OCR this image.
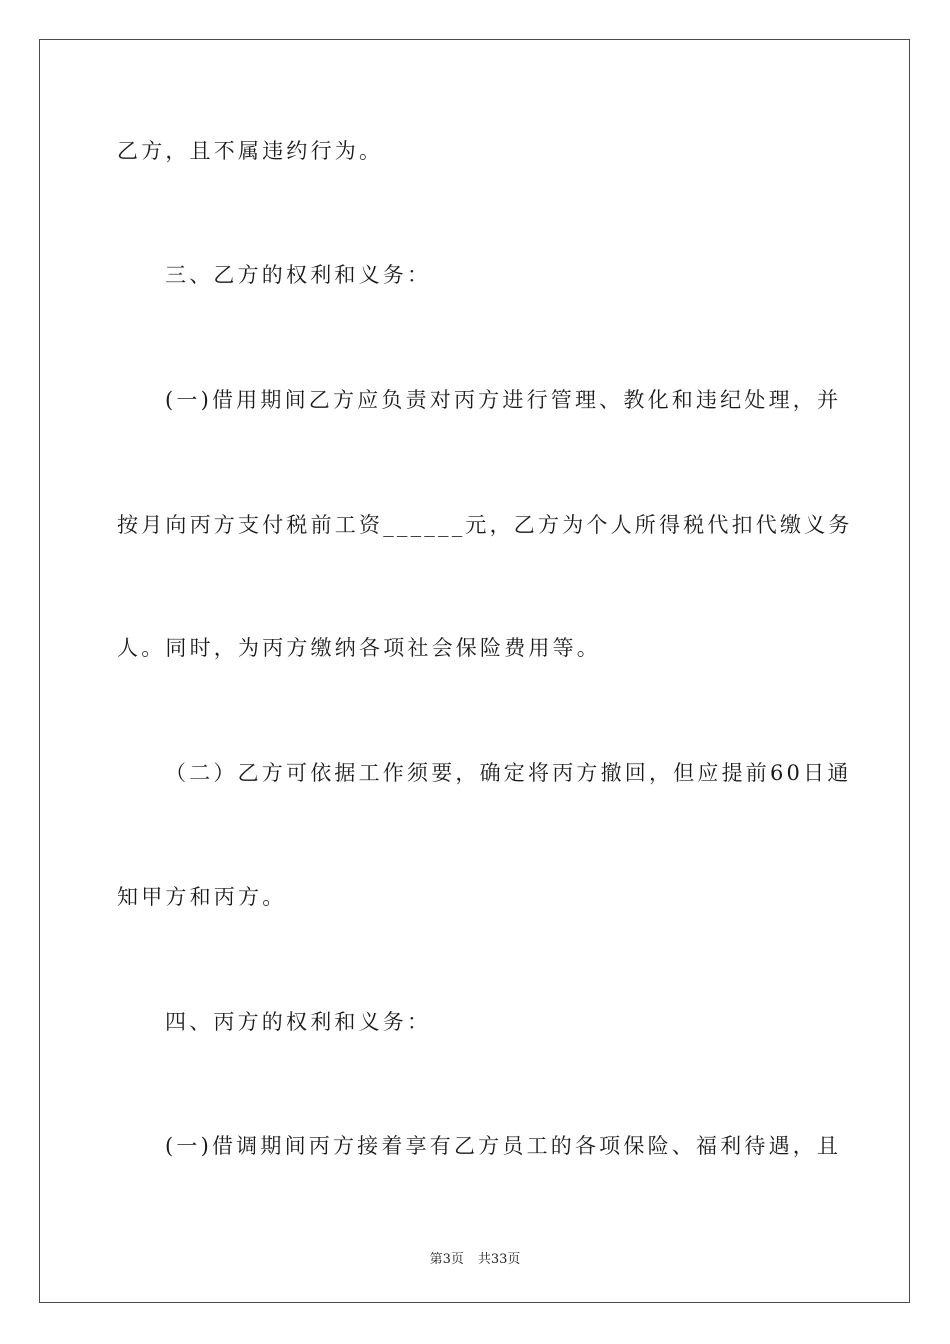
乙方，且不属违约行为。
三、乙方的权利和义务：
(一)借用期间乙方应负责对丙方进行管理、教化和违纪处理，并
按月向丙方支付税前工资______元，乙方为个人所得税代扣代缴义务
人。同时，为丙方缴纳各项社会保险费用等。
（二）乙方可依据工作须要，确定将丙方撤回，但应提前60日通
知甲方和丙方。
四、丙方的权利和义务：
(一)借调期间丙方接着享有乙方员工的各项保险、福利待遇，且
第3页 共33页
